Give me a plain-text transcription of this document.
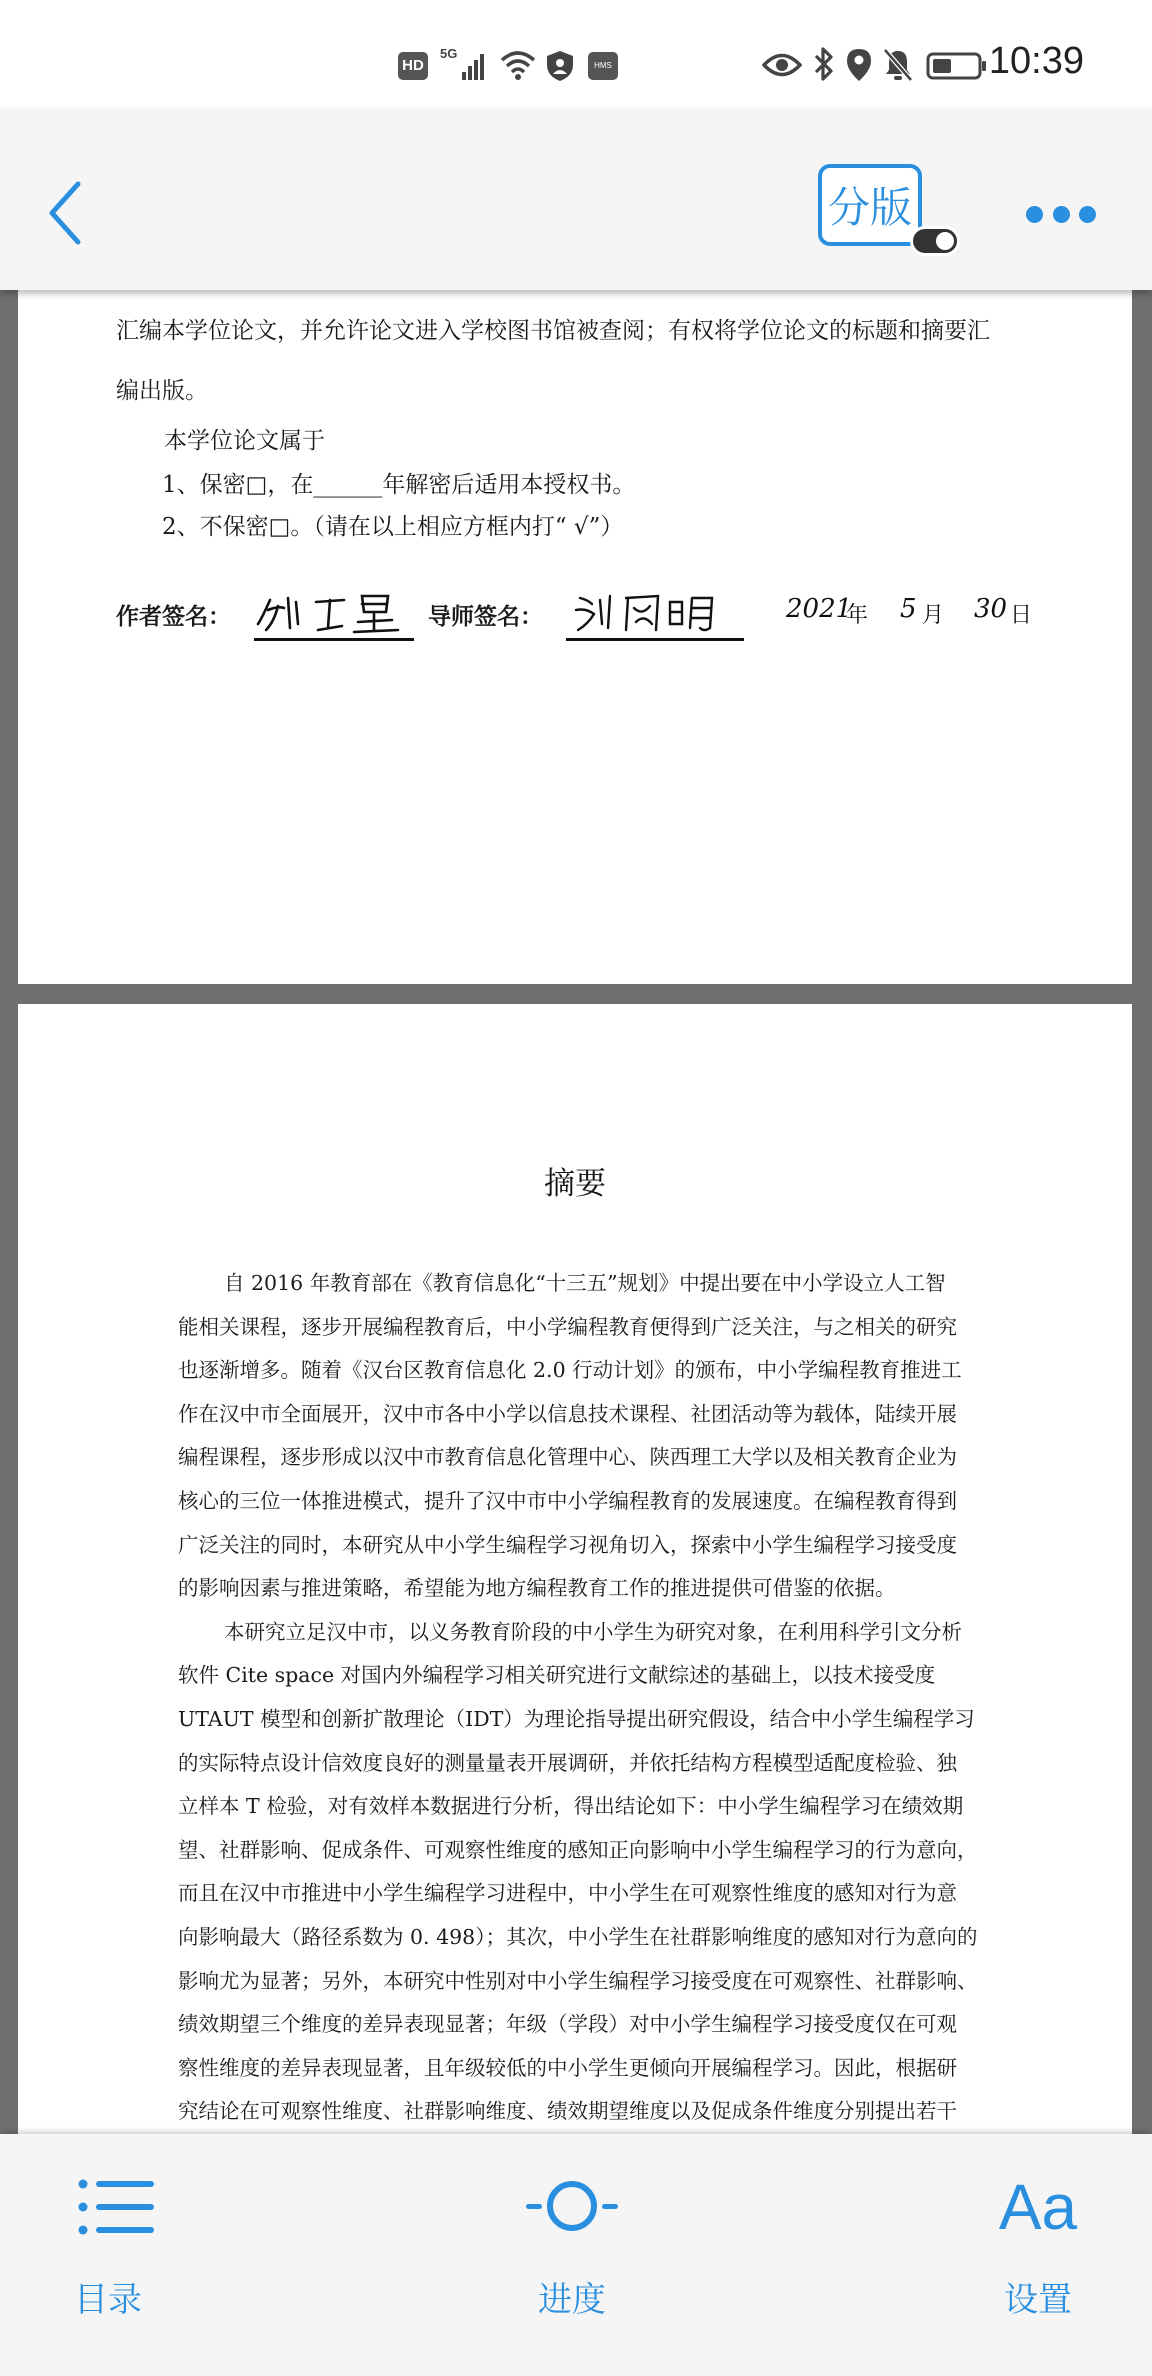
HD
5G
HMS	10:39
分版
汇编本学位论文，并允许论文进入学校图书馆被查阅；有权将学位论文的标题和摘要汇
编出版。
本学位论文属于
1、保密□，在______年解密后适用本授权书。
2、不保密□。（请在以上相应方框内打“ √”）
作者签名：	导师签名：	2021
年 5 月 30 日
摘要
自 2016 年教育部在《教育信息化“十三五”规划》中提出要在中小学设立人工智
能相关课程，逐步开展编程教育后，中小学编程教育便得到广泛关注，与之相关的研究
也逐渐增多。随着《汉台区教育信息化 2.0 行动计划》的颁布，中小学编程教育推进工
作在汉中市全面展开，汉中市各中小学以信息技术课程、社团活动等为载体，陆续开展
编程课程，逐步形成以汉中市教育信息化管理中心、陕西理工大学以及相关教育企业为
核心的三位一体推进模式，提升了汉中市中小学编程教育的发展速度。在编程教育得到
广泛关注的同时，本研究从中小学生编程学习视角切入，探索中小学生编程学习接受度
的影响因素与推进策略，希望能为地方编程教育工作的推进提供可借鉴的依据。
本研究立足汉中市，以义务教育阶段的中小学生为研究对象，在利用科学引文分析
软件 Cite space 对国内外编程学习相关研究进行文献综述的基础上，以技术接受度
UTAUT 模型和创新扩散理论（IDT）为理论指导提出研究假设，结合中小学生编程学习
的实际特点设计信效度良好的测量量表开展调研，并依托结构方程模型适配度检验、独
立样本 T 检验，对有效样本数据进行分析，得出结论如下：中小学生编程学习在绩效期
望、社群影响、促成条件、可观察性维度的感知正向影响中小学生编程学习的行为意向，
而且在汉中市推进中小学生编程学习进程中，中小学生在可观察性维度的感知对行为意
向影响最大（路径系数为 0. 498）；其次，中小学生在社群影响维度的感知对行为意向的
影响尤为显著；另外，本研究中性别对中小学生编程学习接受度在可观察性、社群影响、
绩效期望三个维度的差异表现显著；年级（学段）对中小学生编程学习接受度仅在可观
察性维度的差异表现显著，且年级较低的中小学生更倾向开展编程学习。因此，根据研
究结论在可观察性维度、社群影响维度、绩效期望维度以及促成条件维度分别提出若干
目录	进度
Aa
设置
